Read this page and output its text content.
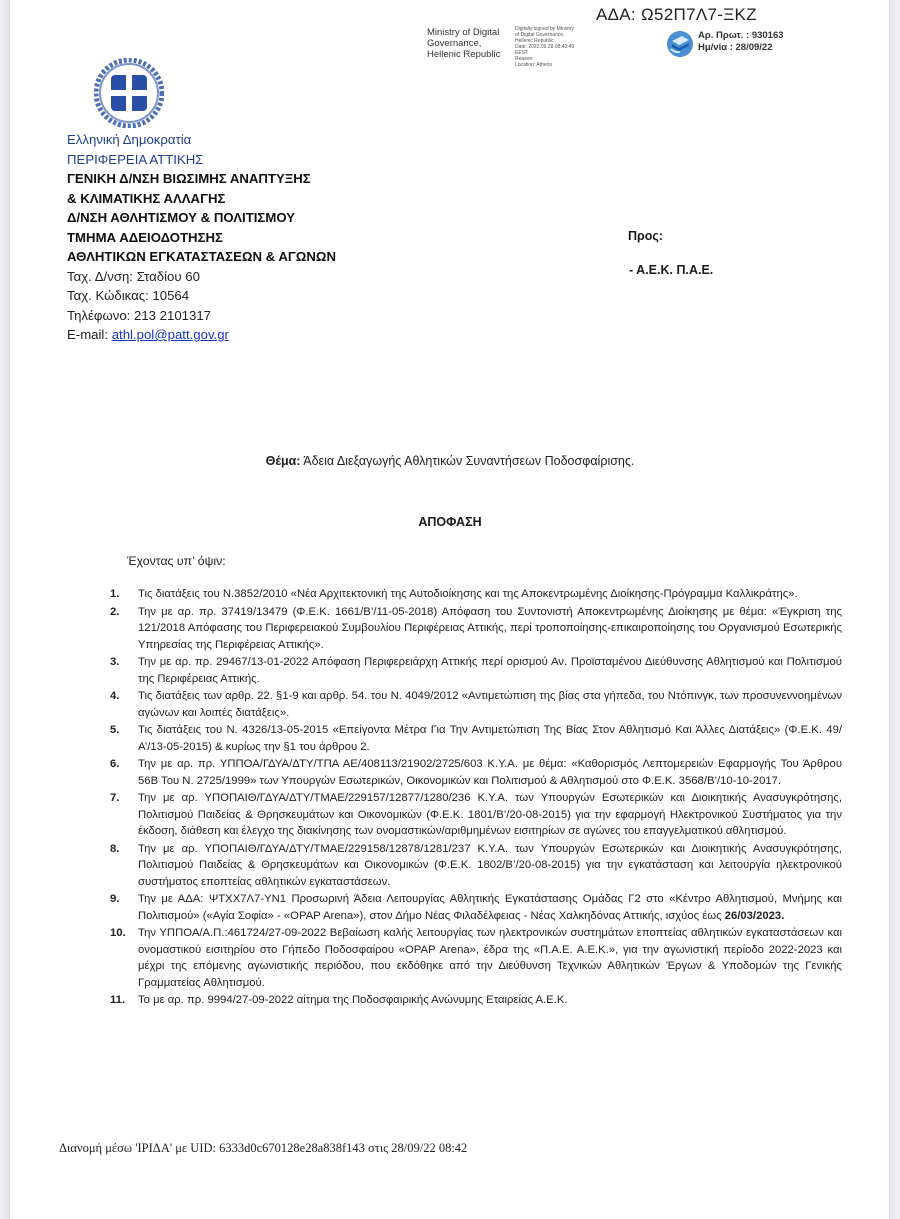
ΑΔΑ: Ω52Π7Λ7-ΞΚΖ
Ministry of Digital
Governance,
Hellenic Republic
Digitally signed by Ministry
of Digital Governance,
Hellenic Republic
Date: 2022.09.28 08:43:49
EEST
Reason:
Location: Athens
Αρ. Πρωτ. : 930163
Ημ/νία : 28/09/22
Ελληνική Δημοκρατία
ΠΕΡΙΦΕΡΕΙΑ ΑΤΤΙΚΗΣ
ΓΕΝΙΚΗ Δ/ΝΣΗ ΒΙΩΣΙΜΗΣ ΑΝΑΠΤΥΞΗΣ
& ΚΛΙΜΑΤΙΚΗΣ ΑΛΛΑΓΗΣ
Δ/ΝΣΗ ΑΘΛΗΤΙΣΜΟΥ & ΠΟΛΙΤΙΣΜΟΥ
ΤΜΗΜΑ ΑΔΕΙΟΔΟΤΗΣΗΣ
ΑΘΛΗΤΙΚΩΝ ΕΓΚΑΤΑΣΤΑΣΕΩΝ & ΑΓΩΝΩΝ
Ταχ. Δ/νση: Σταδίου 60
Ταχ. Κώδικας: 10564
Τηλέφωνο: 213 2101317
E-mail: athl.pol@patt.gov.gr
Προς:
- Α.Ε.Κ. Π.Α.Ε.
Θέμα: Άδεια Διεξαγωγής Αθλητικών Συναντήσεων Ποδοσφαίρισης.
ΑΠΟΦΑΣΗ
Έχοντας υπ’ όψιν:
1.	Τις διατάξεις του Ν.3852/2010 «Νέα Αρχιτεκτονική της Αυτοδιοίκησης και της Αποκεντρωμένης Διοίκησης-Πρόγραμμα Καλλικράτης».
2.	Την με αρ. πρ. 37419/13479 (Φ.Ε.Κ. 1661/Β’/11-05-2018) Απόφαση του Συντονιστή Αποκεντρωμένης Διοίκησης με θέμα: «Έγκριση της 121/2018 Απόφασης του Περιφερειακού Συμβουλίου Περιφέρειας Αττικής, περί τροποποίησης-επικαιροποίησης του Οργανισμού Εσωτερικής Υπηρεσίας της Περιφέρειας Αττικής».
3.	Την με αρ. πρ. 29467/13-01-2022 Απόφαση Περιφερειάρχη Αττικής περί ορισμού Αν. Προϊσταμένου Διεύθυνσης Αθλητισμού και Πολιτισμού της Περιφέρειας Αττικής.
4.	Τις διατάξεις των αρθρ. 22. §1-9 και αρθρ. 54. του Ν. 4049/2012 «Αντιμετώπιση της βίας στα γήπεδα, του Ντόπινγκ, των προσυνεννοημένων αγώνων και λοιπές διατάξεις».
5.	Τις διατάξεις του Ν. 4326/13-05-2015 «Επείγοντα Μέτρα Για Την Αντιμετώπιση Της Βίας Στον Αθλητισμό Και Άλλες Διατάξεις» (Φ.Ε.Κ. 49/Α’/13-05-2015) & κυρίως την §1 του άρθρου 2.
6.	Την με αρ. πρ. ΥΠΠΟΑ/ΓΔΥΑ/ΔΤΥ/ΤΠΑ ΑΕ/408113/21902/2725/603 Κ.Υ.Α. με θέμα: «Καθορισμός Λεπτομερειών Εφαρμογής Του Άρθρου 56Β Του Ν. 2725/1999» των Υπουργών Εσωτερικών, Οικονομικών και Πολιτισμού & Αθλητισμού στο Φ.Ε.Κ. 3568/Β’/10-10-2017.
7.	Την με αρ. ΥΠΟΠΑΙΘ/ΓΔΥΑ/ΔΤΥ/ΤΜΑΕ/229157/12877/1280/236 Κ.Υ.Α. των Υπουργών Εσωτερικών και Διοικητικής Ανασυγκρότησης, Πολιτισμού Παιδείας & Θρησκευμάτων και Οικονομικών (Φ.Ε.Κ. 1801/Β’/20-08-2015) για την εφαρμογή Ηλεκτρονικού Συστήματος για την έκδοση, διάθεση και έλεγχο της διακίνησης των ονομαστικών/αριθμημένων εισιτηρίων σε αγώνες του επαγγελματικού αθλητισμού.
8.	Την με αρ. ΥΠΟΠΑΙΘ/ΓΔΥΑ/ΔΤΥ/ΤΜΑΕ/229158/12878/1281/237 Κ.Υ.Α. των Υπουργών Εσωτερικών και Διοικητικής Ανασυγκρότησης, Πολιτισμού Παιδείας & Θρησκευμάτων και Οικονομικών (Φ.Ε.Κ. 1802/Β’/20-08-2015) για την εγκατάσταση και λειτουργία ηλεκτρονικού συστήματος εποπτείας αθλητικών εγκαταστάσεων.
9.	Την με ΑΔΑ: ΨΤΧΧ7Λ7-ΥΝ1 Προσωρινή Άδεια Λειτουργίας Αθλητικής Εγκατάστασης Ομάδας Γ2 στο «Κέντρο Αθλητισμού, Μνήμης και Πολιτισμού» («Αγία Σοφία» - «OPAP Arena»), στον Δήμο Νέας Φιλαδέλφειας - Νέας Χαλκηδόνας Αττικής, ισχύος έως 26/03/2023.
10.	Την ΥΠΠΟΑ/Α.Π.:461724/27-09-2022 Βεβαίωση καλής λειτουργίας των ηλεκτρονικών συστημάτων εποπτείας αθλητικών εγκαταστάσεων και ονομαστικού εισιτηρίου στο Γήπεδο Ποδοσφαίρου «OPAP Arena», έδρα της «Π.Α.Ε. Α.Ε.Κ.», για την αγωνιστική περίοδο 2022-2023 και μέχρι της επόμενης αγωνιστικής περιόδου, που εκδόθηκε από την Διεύθυνση Τεχνικών Αθλητικών Έργων & Υποδομών της Γενικής Γραμματείας Αθλητισμού.
11.	Το με αρ. πρ. 9994/27-09-2022 αίτημα της Ποδοσφαιρικής Ανώνυμης Εταιρείας Α.Ε.Κ.
Διανομή μέσω 'ΙΡΙΔΑ' με UID: 6333d0c670128e28a838f143 στις 28/09/22 08:42
